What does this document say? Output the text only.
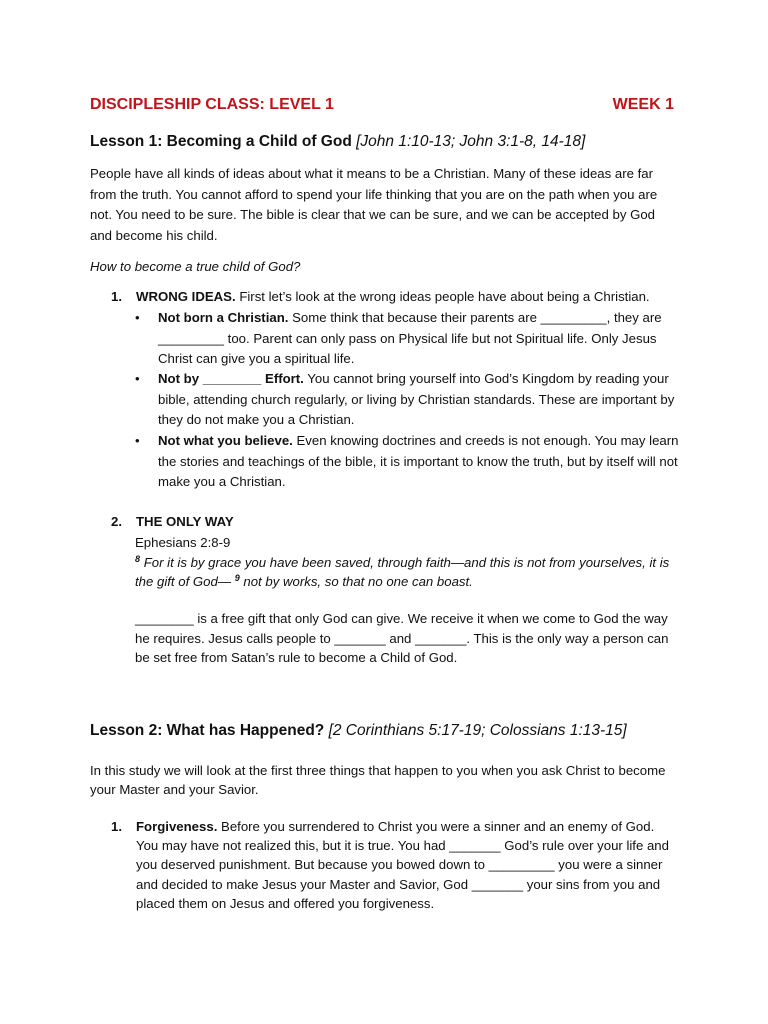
DISCIPLESHIP CLASS: LEVEL 1	WEEK 1
Lesson 1: Becoming a Child of God [John 1:10-13; John 3:1-8, 14-18]

People have all kinds of ideas about what it means to be a Christian. Many of these ideas are far from the truth. You cannot afford to spend your life thinking that you are on the path when you are not. You need to be sure. The bible is clear that we can be sure, and we can be accepted by God and become his child.

How to become a true child of God?
1. WRONG IDEAS. First let’s look at the wrong ideas people have about being a Christian.
• Not born a Christian. Some think that because their parents are _________, they are _________ too. Parent can only pass on Physical life but not Spiritual life. Only Jesus Christ can give you a spiritual life.
• Not by ________ Effort. You cannot bring yourself into God’s Kingdom by reading your bible, attending church regularly, or living by Christian standards. These are important by they do not make you a Christian.
• Not what you believe. Even knowing doctrines and creeds is not enough. You may learn the stories and teachings of the bible, it is important to know the truth, but by itself will not make you a Christian.
2. THE ONLY WAY
Ephesians 2:8-9
$^8$ For it is by grace you have been saved, through faith—and this is not from yourselves, it is the gift of God— $^9$ not by works, so that no one can boast.
________ is a free gift that only God can give. We receive it when we come to God the way he requires. Jesus calls people to _______ and _______. This is the only way a person can be set free from Satan’s rule to become a Child of God.
Lesson 2: What has Happened? [2 Corinthians 5:17-19; Colossians 1:13-15]

In this study we will look at the first three things that happen to you when you ask Christ to become your Master and your Savior.

1. Forgiveness. Before you surrendered to Christ you were a sinner and an enemy of God. You may have not realized this, but it is true. You had _______ God’s rule over your life and you deserved punishment. But because you bowed down to _________ you were a sinner and decided to make Jesus your Master and Savior, God _______ your sins from you and placed them on Jesus and offered you forgiveness.
